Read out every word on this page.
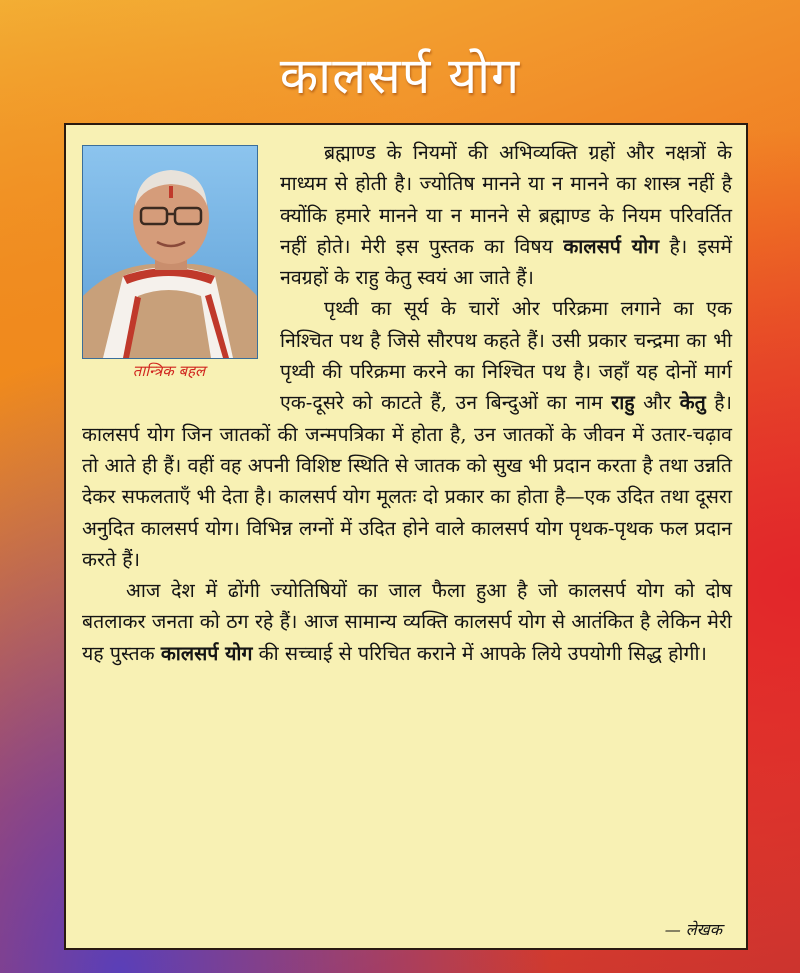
कालसर्प योग
तान्त्रिक बहल

ब्रह्माण्ड के नियमों की अभिव्यक्ति ग्रहों और नक्षत्रों के माध्यम से होती है। ज्योतिष मानने या न मानने का शास्त्र नहीं है क्योंकि हमारे मानने या न मानने से ब्रह्माण्ड के नियम परिवर्तित नहीं होते। मेरी इस पुस्तक का विषय कालसर्प योग है। इसमें नवग्रहों के राहु केतु स्वयं आ जाते हैं।

पृथ्वी का सूर्य के चारों ओर परिक्रमा लगाने का एक निश्चित पथ है जिसे सौरपथ कहते हैं। उसी प्रकार चन्द्रमा का भी पृथ्वी की परिक्रमा करने का निश्चित पथ है। जहाँ यह दोनों मार्ग एक-दूसरे को काटते हैं, उन बिन्दुओं का नाम राहु और केतु है। कालसर्प योग जिन जातकों की जन्मपत्रिका में होता है, उन जातकों के जीवन में उतार-चढ़ाव तो आते ही हैं। वहीं वह अपनी विशिष्ट स्थिति से जातक को सुख भी प्रदान करता है तथा उन्नति देकर सफलताएँ भी देता है। कालसर्प योग मूलतः दो प्रकार का होता है—एक उदित तथा दूसरा अनुदित कालसर्प योग। विभिन्न लग्नों में उदित होने वाले कालसर्प योग पृथक-पृथक फल प्रदान करते हैं।

आज देश में ढोंगी ज्योतिषियों का जाल फैला हुआ है जो कालसर्प योग को दोष बतलाकर जनता को ठग रहे हैं। आज सामान्य व्यक्ति कालसर्प योग से आतंकित है लेकिन मेरी यह पुस्तक कालसर्प योग की सच्चाई से परिचित कराने में आपके लिये उपयोगी सिद्ध होगी।

— लेखक
